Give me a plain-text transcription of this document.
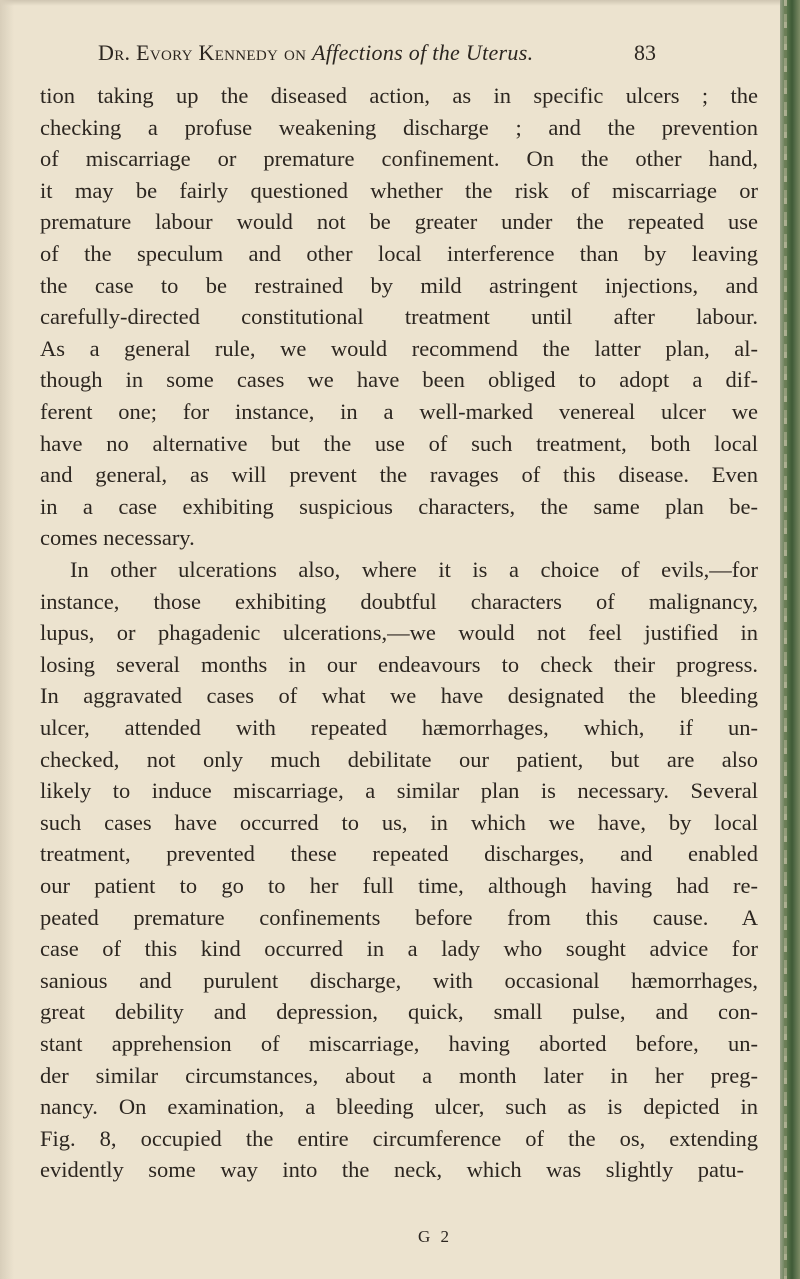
Dr. Evory Kennedy on Affections of the Uterus.	83
tion taking up the diseased action, as in specific ulcers ; the
checking a profuse weakening discharge ; and the prevention
of miscarriage or premature confinement. On the other hand,
it may be fairly questioned whether the risk of miscarriage or
premature labour would not be greater under the repeated use
of the speculum and other local interference than by leaving
the case to be restrained by mild astringent injections, and
carefully-directed constitutional treatment until after labour.
As a general rule, we would recommend the latter plan, al-
though in some cases we have been obliged to adopt a dif-
ferent one; for instance, in a well-marked venereal ulcer we
have no alternative but the use of such treatment, both local
and general, as will prevent the ravages of this disease. Even
in a case exhibiting suspicious characters, the same plan be-
comes necessary.
In other ulcerations also, where it is a choice of evils,—for
instance, those exhibiting doubtful characters of malignancy,
lupus, or phagadenic ulcerations,—we would not feel justified in
losing several months in our endeavours to check their progress.
In aggravated cases of what we have designated the bleeding
ulcer, attended with repeated hæmorrhages, which, if un-
checked, not only much debilitate our patient, but are also
likely to induce miscarriage, a similar plan is necessary. Several
such cases have occurred to us, in which we have, by local
treatment, prevented these repeated discharges, and enabled
our patient to go to her full time, although having had re-
peated premature confinements before from this cause. A
case of this kind occurred in a lady who sought advice for
sanious and purulent discharge, with occasional hæmorrhages,
great debility and depression, quick, small pulse, and con-
stant apprehension of miscarriage, having aborted before, un-
der similar circumstances, about a month later in her preg-
nancy. On examination, a bleeding ulcer, such as is depicted in
Fig. 8, occupied the entire circumference of the os, extending
evidently some way into the neck, which was slightly patu-
G 2
